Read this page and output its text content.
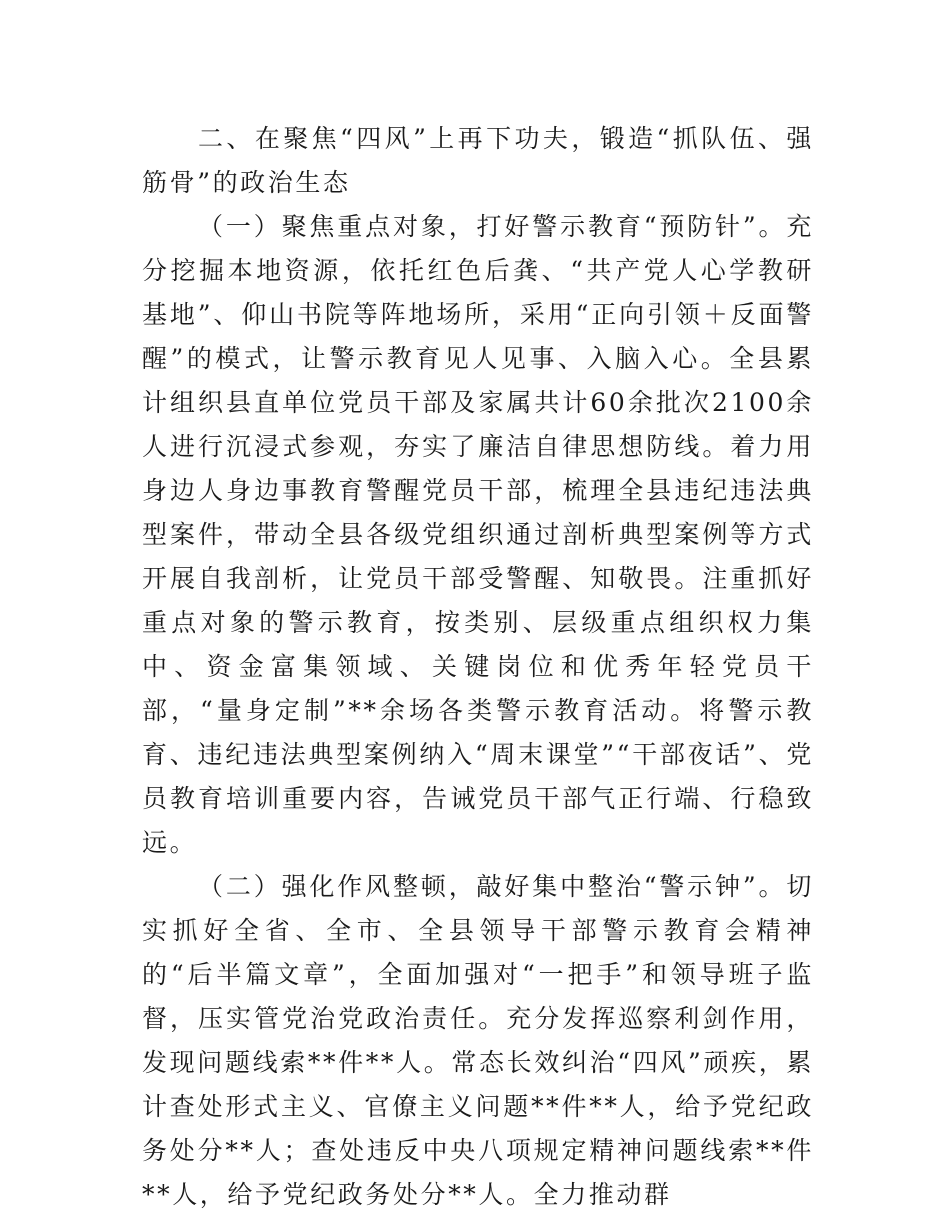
二、在聚焦“四风”上再下功夫，锻造“抓队伍、强筋骨”的政治生态

（一）聚焦重点对象，打好警示教育“预防针”。充分挖掘本地资源，依托红色后龚、“共产党人心学教研基地”、仰山书院等阵地场所，采用“正向引领＋反面警醒”的模式，让警示教育见人见事、入脑入心。全县累计组织县直单位党员干部及家属共计60余批次2100余人进行沉浸式参观，夯实了廉洁自律思想防线。着力用身边人身边事教育警醒党员干部，梳理全县违纪违法典型案件，带动全县各级党组织通过剖析典型案例等方式开展自我剖析，让党员干部受警醒、知敬畏。注重抓好重点对象的警示教育，按类别、层级重点组织权力集中、资金富集领域、关键岗位和优秀年轻党员干部，“量身定制”**余场各类警示教育活动。将警示教育、违纪违法典型案例纳入“周末课堂”“干部夜话”、党员教育培训重要内容，告诫党员干部气正行端、行稳致远。

（二）强化作风整顿，敲好集中整治“警示钟”。切实抓好全省、全市、全县领导干部警示教育会精神的“后半篇文章”，全面加强对“一把手”和领导班子监督，压实管党治党政治责任。充分发挥巡察利剑作用，发现问题线索**件**人。常态长效纠治“四风”顽疾，累计查处形式主义、官僚主义问题**件**人，给予党纪政务处分**人；查处违反中央八项规定精神问题线索**件**人，给予党纪政务处分**人。全力推动群
